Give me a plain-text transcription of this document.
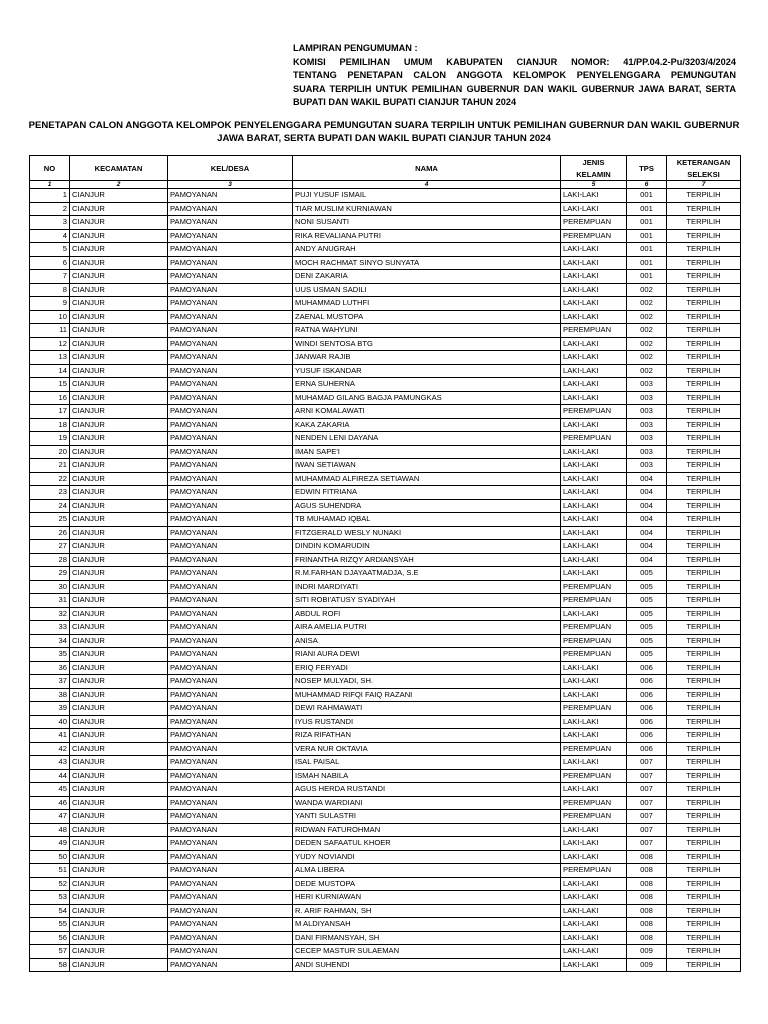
LAMPIRAN PENGUMUMAN :
KOMISI PEMILIHAN UMUM KABUPATEN CIANJUR NOMOR: 41/PP.04.2-Pu/3203/4/2024
TENTANG PENETAPAN CALON ANGGOTA KELOMPOK PENYELENGGARA PEMUNGUTAN
SUARA TERPILIH UNTUK PEMILIHAN GUBERNUR DAN WAKIL GUBERNUR JAWA BARAT, SERTA
BUPATI DAN WAKIL BUPATI CIANJUR TAHUN 2024
PENETAPAN CALON ANGGOTA KELOMPOK PENYELENGGARA PEMUNGUTAN SUARA TERPILIH UNTUK PEMILIHAN GUBERNUR DAN WAKIL GUBERNUR
JAWA BARAT, SERTA BUPATI DAN WAKIL BUPATI CIANJUR TAHUN 2024
NO	KECAMATAN	KEL/DESA	NAMA	JENIS	TPS	KETERANGAN
				KELAMIN		SELEKSI
1	2	3	4	5	6	7
1	CIANJUR	PAMOYANAN	PUJI YUSUF ISMAIL	LAKI-LAKI	001	TERPILIH
2	CIANJUR	PAMOYANAN	TIAR MUSLIM KURNIAWAN	LAKI-LAKI	001	TERPILIH
3	CIANJUR	PAMOYANAN	NONI SUSANTI	PEREMPUAN	001	TERPILIH
4	CIANJUR	PAMOYANAN	RIKA REVALIANA PUTRI	PEREMPUAN	001	TERPILIH
5	CIANJUR	PAMOYANAN	ANDY ANUGRAH	LAKI-LAKI	001	TERPILIH
6	CIANJUR	PAMOYANAN	MOCH RACHMAT SINYO SUNYATA	LAKI-LAKI	001	TERPILIH
7	CIANJUR	PAMOYANAN	DENI ZAKARIA	LAKI-LAKI	001	TERPILIH
8	CIANJUR	PAMOYANAN	UUS USMAN SADILI	LAKI-LAKI	002	TERPILIH
9	CIANJUR	PAMOYANAN	MUHAMMAD LUTHFI	LAKI-LAKI	002	TERPILIH
10	CIANJUR	PAMOYANAN	ZAENAL MUSTOPA	LAKI-LAKI	002	TERPILIH
11	CIANJUR	PAMOYANAN	RATNA WAHYUNI	PEREMPUAN	002	TERPILIH
12	CIANJUR	PAMOYANAN	WINDI SENTOSA BTG	LAKI-LAKI	002	TERPILIH
13	CIANJUR	PAMOYANAN	JANWAR RAJIB	LAKI-LAKI	002	TERPILIH
14	CIANJUR	PAMOYANAN	YUSUF ISKANDAR	LAKI-LAKI	002	TERPILIH
15	CIANJUR	PAMOYANAN	ERNA SUHERNA	LAKI-LAKI	003	TERPILIH
16	CIANJUR	PAMOYANAN	MUHAMAD GILANG BAGJA PAMUNGKAS	LAKI-LAKI	003	TERPILIH
17	CIANJUR	PAMOYANAN	ARNI KOMALAWATI	PEREMPUAN	003	TERPILIH
18	CIANJUR	PAMOYANAN	KAKA ZAKARIA	LAKI-LAKI	003	TERPILIH
19	CIANJUR	PAMOYANAN	NENDEN LENI DAYANA	PEREMPUAN	003	TERPILIH
20	CIANJUR	PAMOYANAN	IMAN SAPE'I	LAKI-LAKI	003	TERPILIH
21	CIANJUR	PAMOYANAN	IWAN SETIAWAN	LAKI-LAKI	003	TERPILIH
22	CIANJUR	PAMOYANAN	MUHAMMAD ALFIREZA SETIAWAN	LAKI-LAKI	004	TERPILIH
23	CIANJUR	PAMOYANAN	EDWIN FITRIANA	LAKI-LAKI	004	TERPILIH
24	CIANJUR	PAMOYANAN	AGUS SUHENDRA	LAKI-LAKI	004	TERPILIH
25	CIANJUR	PAMOYANAN	TB MUHAMAD IQBAL	LAKI-LAKI	004	TERPILIH
26	CIANJUR	PAMOYANAN	FITZGERALD WESLY NUNAKI	LAKI-LAKI	004	TERPILIH
27	CIANJUR	PAMOYANAN	DINDIN KOMARUDIN	LAKI-LAKI	004	TERPILIH
28	CIANJUR	PAMOYANAN	FRINANTHA RIZQY ARDIANSYAH	LAKI-LAKI	004	TERPILIH
29	CIANJUR	PAMOYANAN	R.M.FARHAN DJAYAATMADJA, S.E	LAKI-LAKI	005	TERPILIH
30	CIANJUR	PAMOYANAN	INDRI MARDIYATI	PEREMPUAN	005	TERPILIH
31	CIANJUR	PAMOYANAN	SITI ROBI'ATUSY SYADIYAH	PEREMPUAN	005	TERPILIH
32	CIANJUR	PAMOYANAN	ABDUL ROFI	LAKI-LAKI	005	TERPILIH
33	CIANJUR	PAMOYANAN	AIRA AMELIA PUTRI	PEREMPUAN	005	TERPILIH
34	CIANJUR	PAMOYANAN	ANISA	PEREMPUAN	005	TERPILIH
35	CIANJUR	PAMOYANAN	RIANI AURA DEWI	PEREMPUAN	005	TERPILIH
36	CIANJUR	PAMOYANAN	ERIQ FERYADI	LAKI-LAKI	006	TERPILIH
37	CIANJUR	PAMOYANAN	NOSEP MULYADI, SH.	LAKI-LAKI	006	TERPILIH
38	CIANJUR	PAMOYANAN	MUHAMMAD RIFQI FAIQ RAZANI	LAKI-LAKI	006	TERPILIH
39	CIANJUR	PAMOYANAN	DEWI RAHMAWATI	PEREMPUAN	006	TERPILIH
40	CIANJUR	PAMOYANAN	IYUS RUSTANDI	LAKI-LAKI	006	TERPILIH
41	CIANJUR	PAMOYANAN	RIZA RIFATHAN	LAKI-LAKI	006	TERPILIH
42	CIANJUR	PAMOYANAN	VERA NUR OKTAVIA	PEREMPUAN	006	TERPILIH
43	CIANJUR	PAMOYANAN	ISAL PAISAL	LAKI-LAKI	007	TERPILIH
44	CIANJUR	PAMOYANAN	ISMAH NABILA	PEREMPUAN	007	TERPILIH
45	CIANJUR	PAMOYANAN	AGUS HERDA RUSTANDI	LAKI-LAKI	007	TERPILIH
46	CIANJUR	PAMOYANAN	WANDA WARDIANI	PEREMPUAN	007	TERPILIH
47	CIANJUR	PAMOYANAN	YANTI SULASTRI	PEREMPUAN	007	TERPILIH
48	CIANJUR	PAMOYANAN	RIDWAN FATUROHMAN	LAKI-LAKI	007	TERPILIH
49	CIANJUR	PAMOYANAN	DEDEN SAFAATUL KHOER	LAKI-LAKI	007	TERPILIH
50	CIANJUR	PAMOYANAN	YUDY NOVIANDI	LAKI-LAKI	008	TERPILIH
51	CIANJUR	PAMOYANAN	ALMA LIBERA	PEREMPUAN	008	TERPILIH
52	CIANJUR	PAMOYANAN	DEDE MUSTOPA	LAKI-LAKI	008	TERPILIH
53	CIANJUR	PAMOYANAN	HERI KURNIAWAN	LAKI-LAKI	008	TERPILIH
54	CIANJUR	PAMOYANAN	R. ARIF RAHMAN, SH	LAKI-LAKI	008	TERPILIH
55	CIANJUR	PAMOYANAN	M ALDIYANSAH	LAKI-LAKI	008	TERPILIH
56	CIANJUR	PAMOYANAN	DANI FIRMANSYAH, SH	LAKI-LAKI	008	TERPILIH
57	CIANJUR	PAMOYANAN	CECEP MASTUR SULAEMAN	LAKI-LAKI	009	TERPILIH
58	CIANJUR	PAMOYANAN	ANDI SUHENDI	LAKI-LAKI	009	TERPILIH
